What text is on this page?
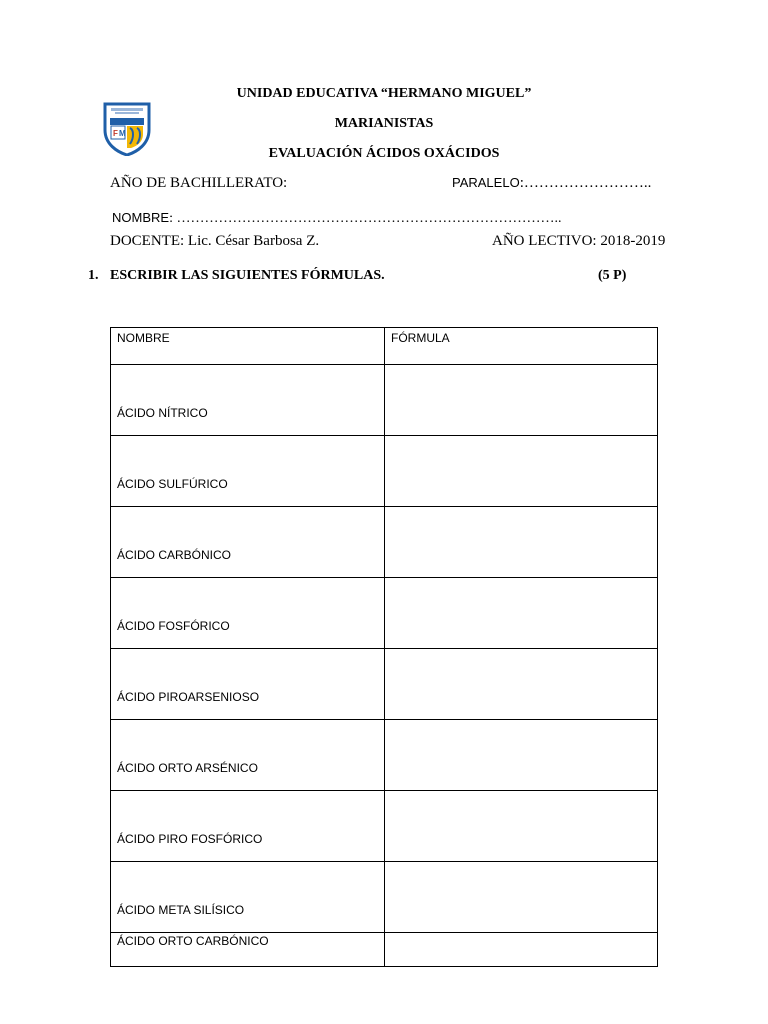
F M
UNIDAD EDUCATIVA “HERMANO MIGUEL”
MARIANISTAS
EVALUACIÓN ÁCIDOS OXÁCIDOS
AÑO DE BACHILLERATO:	PARALELO:……………………..
NOMBRE: ………………………………………………………………………..
DOCENTE: Lic. César Barbosa Z.	AÑO LECTIVO: 2018-2019
1. ESCRIBIR LAS SIGUIENTES FÓRMULAS.	(5 P)
NOMBRE	FÓRMULA
ÁCIDO NÍTRICO	
ÁCIDO SULFÚRICO	
ÁCIDO CARBÓNICO	
ÁCIDO FOSFÓRICO	
ÁCIDO PIROARSENIOSO	
ÁCIDO ORTO ARSÉNICO	
ÁCIDO PIRO FOSFÓRICO	
ÁCIDO META SILÍSICO	
ÁCIDO ORTO CARBÓNICO	
